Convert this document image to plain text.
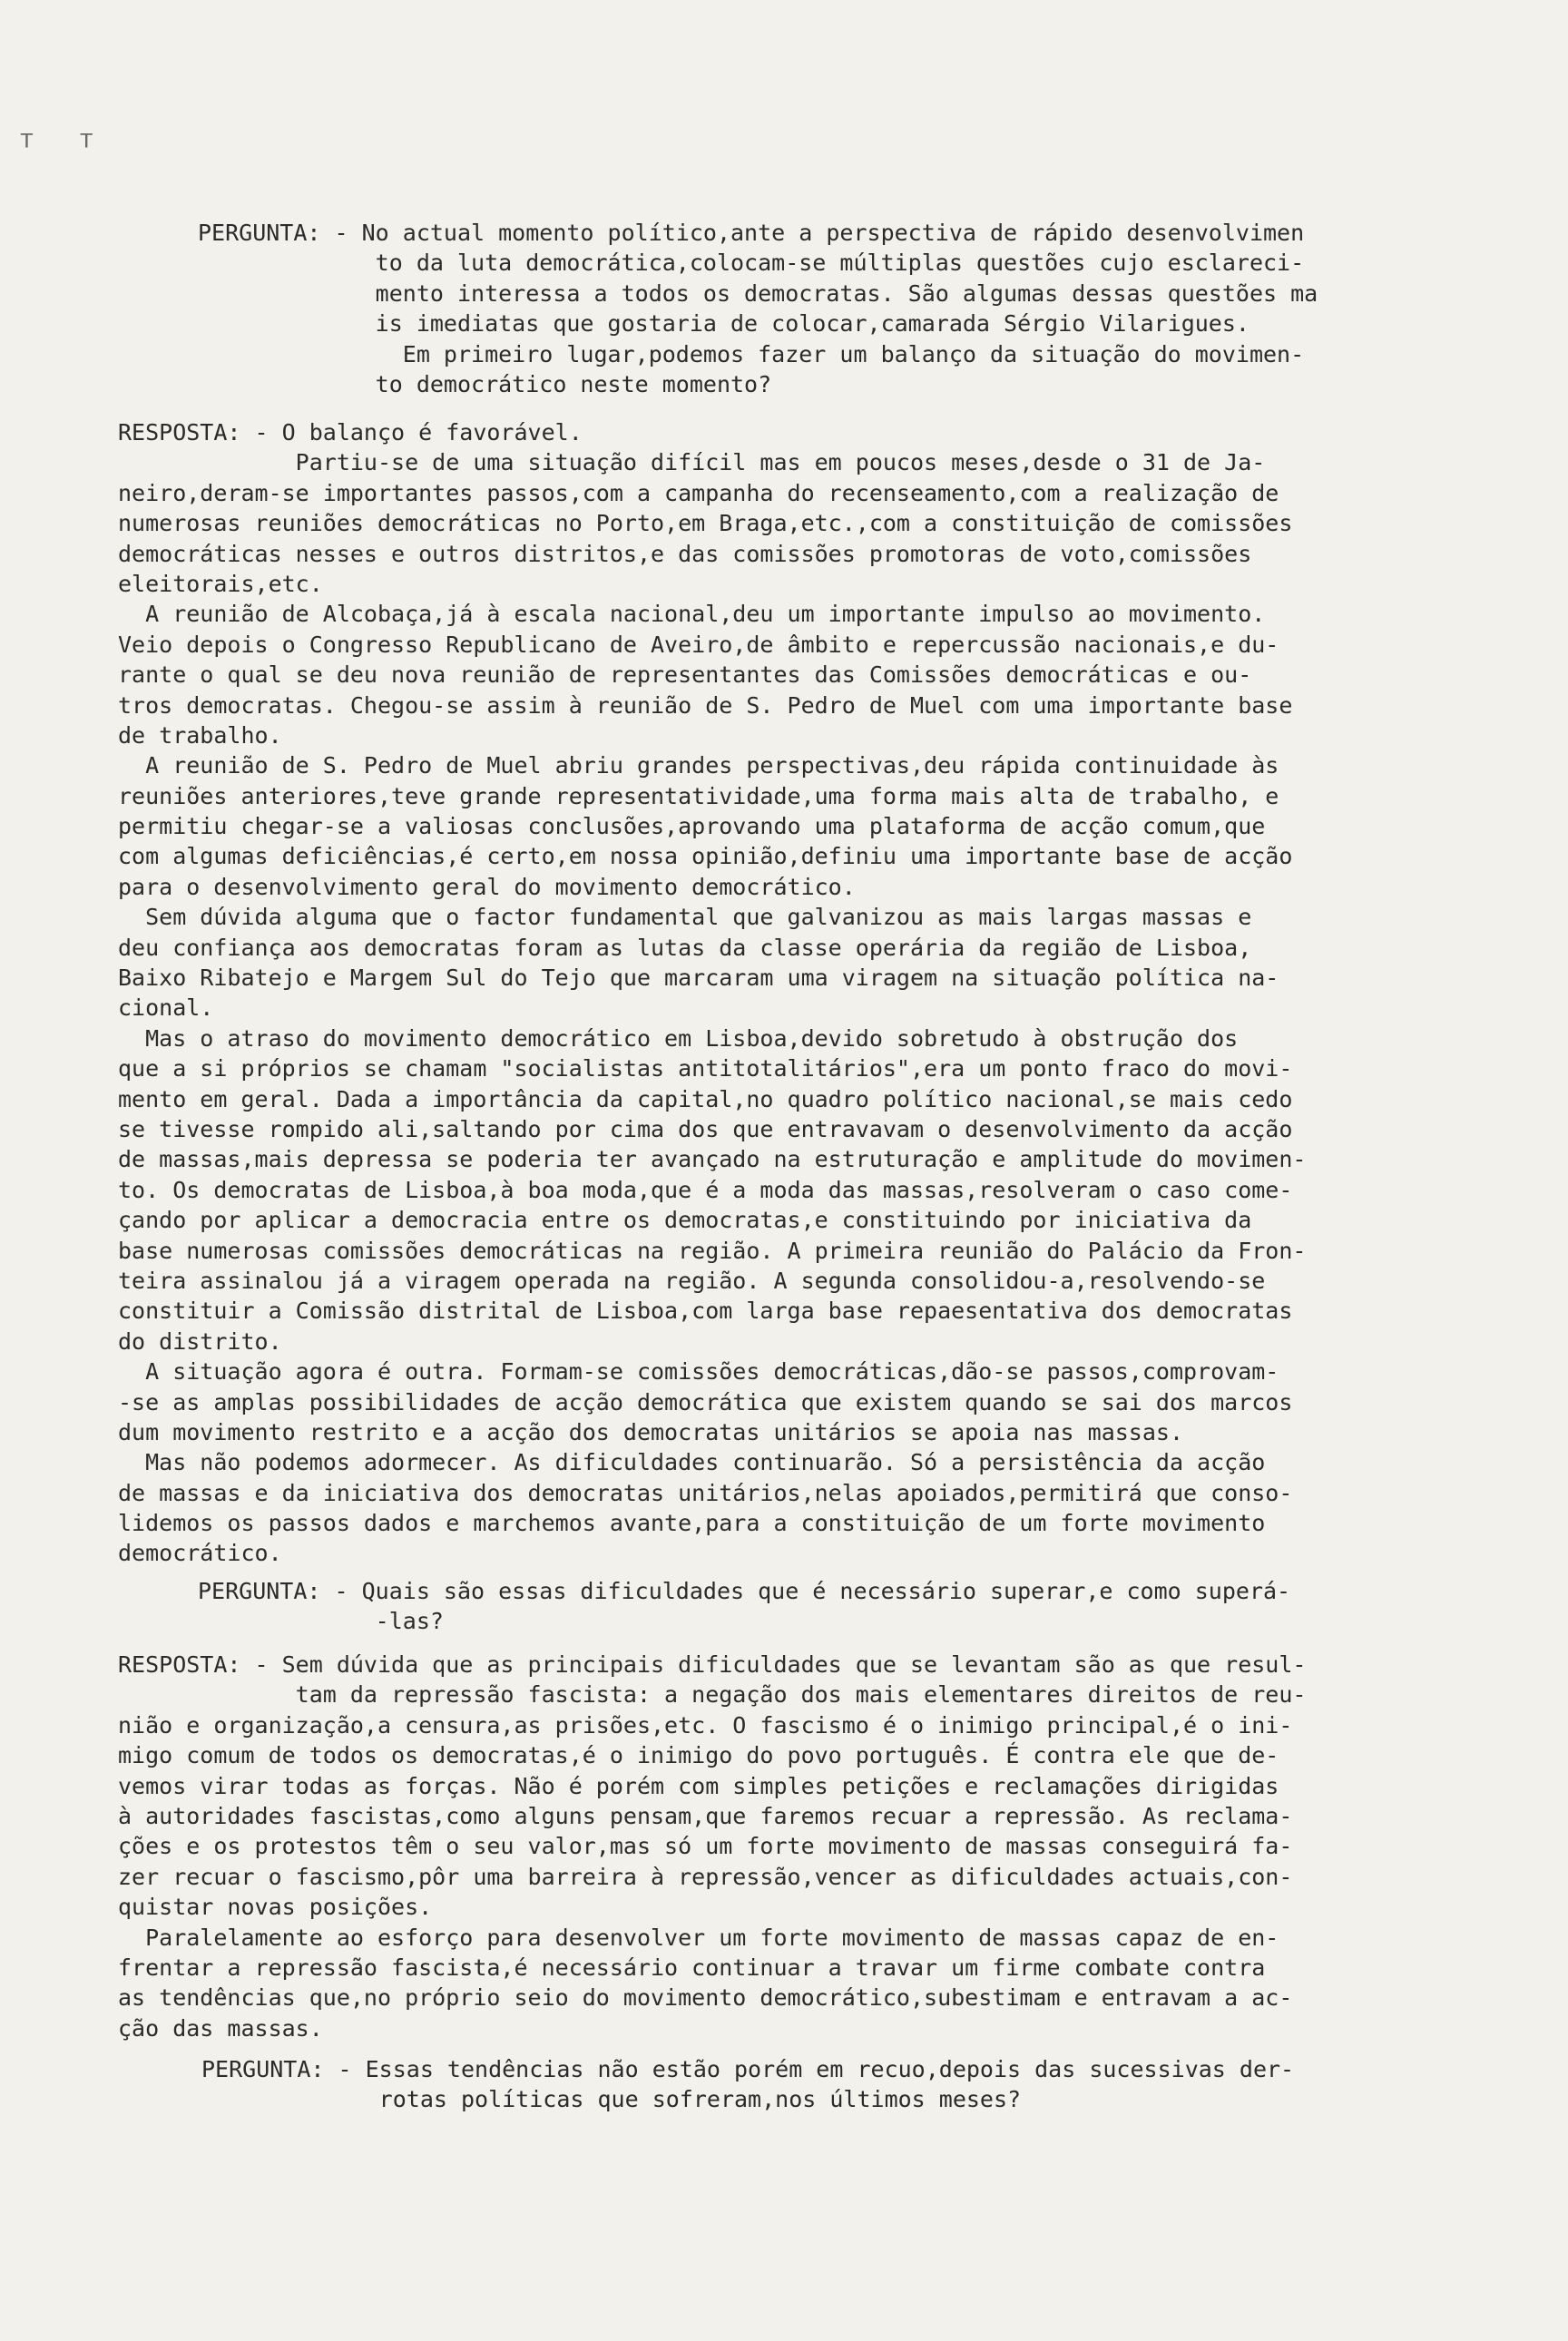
ᵀ ᵀ
PERGUNTA: - No actual momento político,ante a perspectiva de rápido desenvolvimen
to da luta democrática,colocam-se múltiplas questões cujo esclareci-
mento interessa a todos os democratas. São algumas dessas questões ma
is imediatas que gostaria de colocar,camarada Sérgio Vilarigues.
Em primeiro lugar,podemos fazer um balanço da situação do movimen-
to democrático neste momento?
RESPOSTA: - O balanço é favorável.
Partiu-se de uma situação difícil mas em poucos meses,desde o 31 de Ja-
neiro,deram-se importantes passos,com a campanha do recenseamento,com a realização de
numerosas reuniões democráticas no Porto,em Braga,etc.,com a constituição de comissões
democráticas nesses e outros distritos,e das comissões promotoras de voto,comissões
eleitorais,etc.
A reunião de Alcobaça,já à escala nacional,deu um importante impulso ao movimento.
Veio depois o Congresso Republicano de Aveiro,de âmbito e repercussão nacionais,e du-
rante o qual se deu nova reunião de representantes das Comissões democráticas e ou-
tros democratas. Chegou-se assim à reunião de S. Pedro de Muel com uma importante base
de trabalho.
A reunião de S. Pedro de Muel abriu grandes perspectivas,deu rápida continuidade às
reuniões anteriores,teve grande representatividade,uma forma mais alta de trabalho, e
permitiu chegar-se a valiosas conclusões,aprovando uma plataforma de acção comum,que
com algumas deficiências,é certo,em nossa opinião,definiu uma importante base de acção
para o desenvolvimento geral do movimento democrático.
Sem dúvida alguma que o factor fundamental que galvanizou as mais largas massas e
deu confiança aos democratas foram as lutas da classe operária da região de Lisboa,
Baixo Ribatejo e Margem Sul do Tejo que marcaram uma viragem na situação política na-
cional.
Mas o atraso do movimento democrático em Lisboa,devido sobretudo à obstrução dos
que a si próprios se chamam "socialistas antitotalitários",era um ponto fraco do movi-
mento em geral. Dada a importância da capital,no quadro político nacional,se mais cedo
se tivesse rompido ali,saltando por cima dos que entravavam o desenvolvimento da acção
de massas,mais depressa se poderia ter avançado na estruturação e amplitude do movimen-
to. Os democratas de Lisboa,à boa moda,que é a moda das massas,resolveram o caso come-
çando por aplicar a democracia entre os democratas,e constituindo por iniciativa da
base numerosas comissões democráticas na região. A primeira reunião do Palácio da Fron-
teira assinalou já a viragem operada na região. A segunda consolidou-a,resolvendo-se
constituir a Comissão distrital de Lisboa,com larga base repaesentativa dos democratas
do distrito.
A situação agora é outra. Formam-se comissões democráticas,dão-se passos,comprovam-
-se as amplas possibilidades de acção democrática que existem quando se sai dos marcos
dum movimento restrito e a acção dos democratas unitários se apoia nas massas.
Mas não podemos adormecer. As dificuldades continuarão. Só a persistência da acção
de massas e da iniciativa dos democratas unitários,nelas apoiados,permitirá que conso-
lidemos os passos dados e marchemos avante,para a constituição de um forte movimento
democrático.
PERGUNTA: - Quais são essas dificuldades que é necessário superar,e como superá-
-las?
RESPOSTA: - Sem dúvida que as principais dificuldades que se levantam são as que resul-
tam da repressão fascista: a negação dos mais elementares direitos de reu-
nião e organização,a censura,as prisões,etc. O fascismo é o inimigo principal,é o ini-
migo comum de todos os democratas,é o inimigo do povo português. É contra ele que de-
vemos virar todas as forças. Não é porém com simples petições e reclamações dirigidas
à autoridades fascistas,como alguns pensam,que faremos recuar a repressão. As reclama-
ções e os protestos têm o seu valor,mas só um forte movimento de massas conseguirá fa-
zer recuar o fascismo,pôr uma barreira à repressão,vencer as dificuldades actuais,con-
quistar novas posições.
Paralelamente ao esforço para desenvolver um forte movimento de massas capaz de en-
frentar a repressão fascista,é necessário continuar a travar um firme combate contra
as tendências que,no próprio seio do movimento democrático,subestimam e entravam a ac-
ção das massas.
PERGUNTA: - Essas tendências não estão porém em recuo,depois das sucessivas der-
rotas políticas que sofreram,nos últimos meses?
